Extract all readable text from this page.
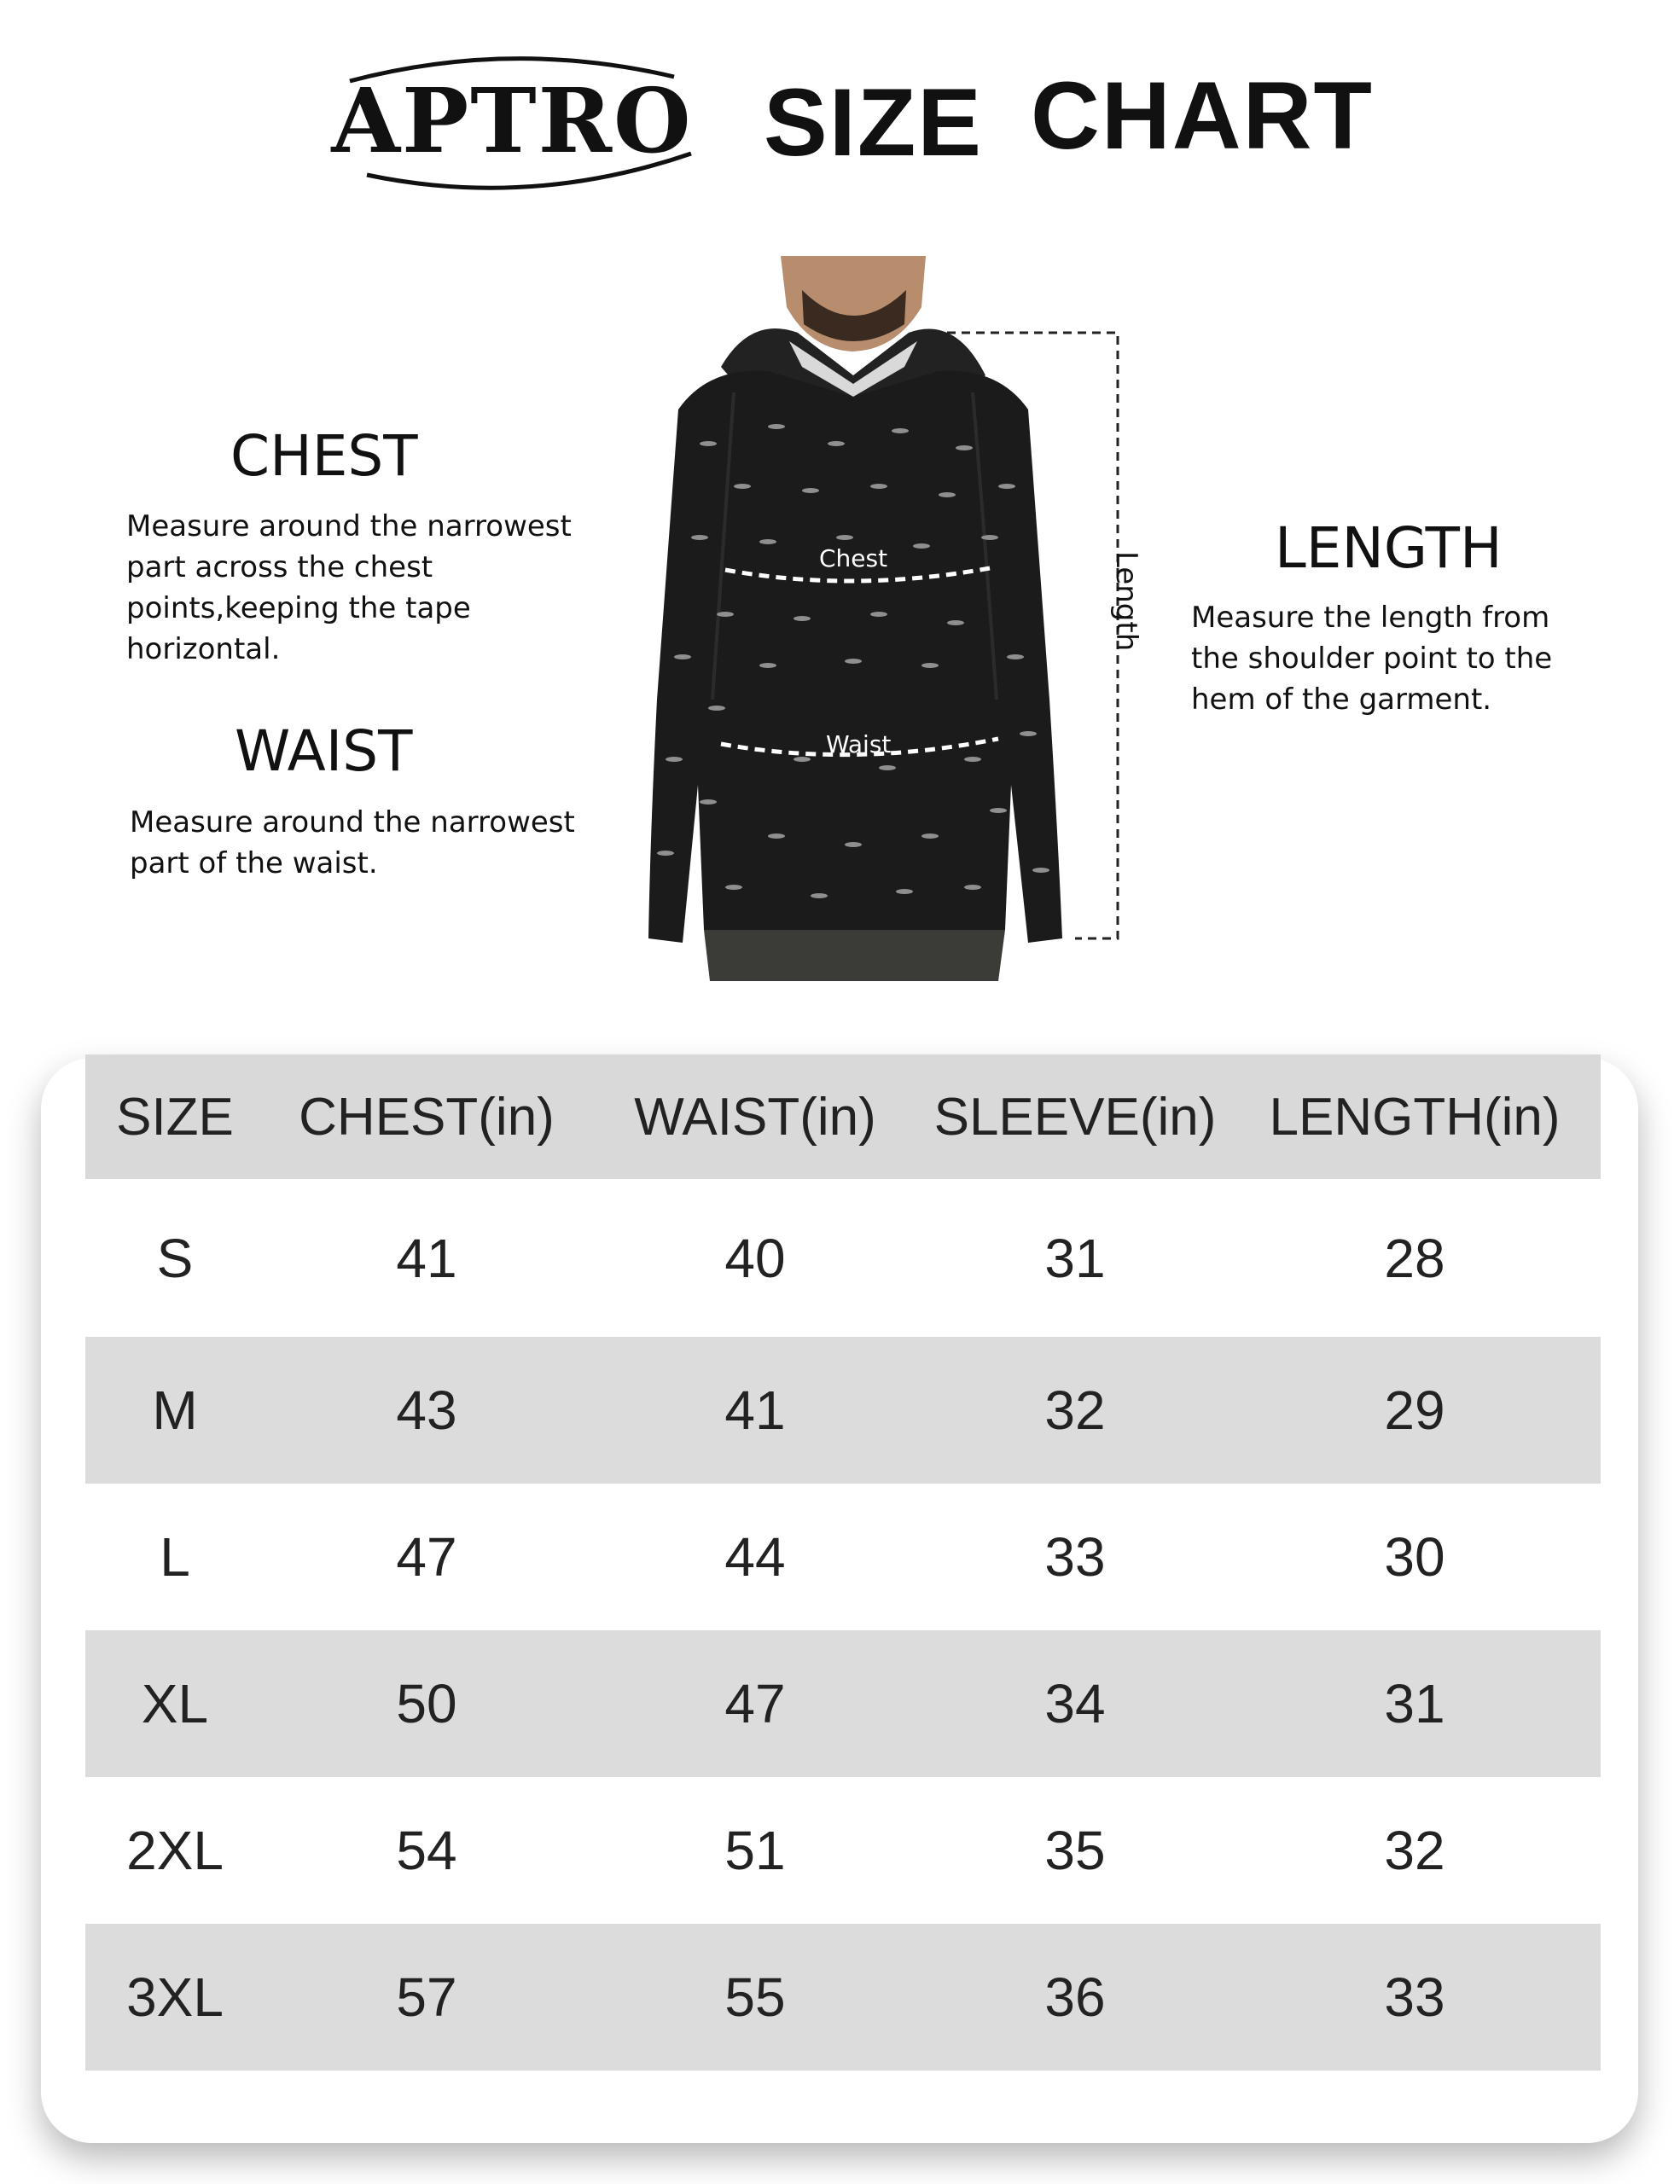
APTRO SIZE CHART
CHEST
Measure around the narrowest part across the chest points,keeping the tape horizontal.
WAIST
Measure around the narrowest part of the waist.
LENGTH
Measure the length from the shoulder point to the hem of the garment.
Chest
Waist
Length
SIZE	CHEST(in)	WAIST(in)	SLEEVE(in)	LENGTH(in)
S	41	40	31	28
M	43	41	32	29
L	47	44	33	30
XL	50	47	34	31
2XL	54	51	35	32
3XL	57	55	36	33
